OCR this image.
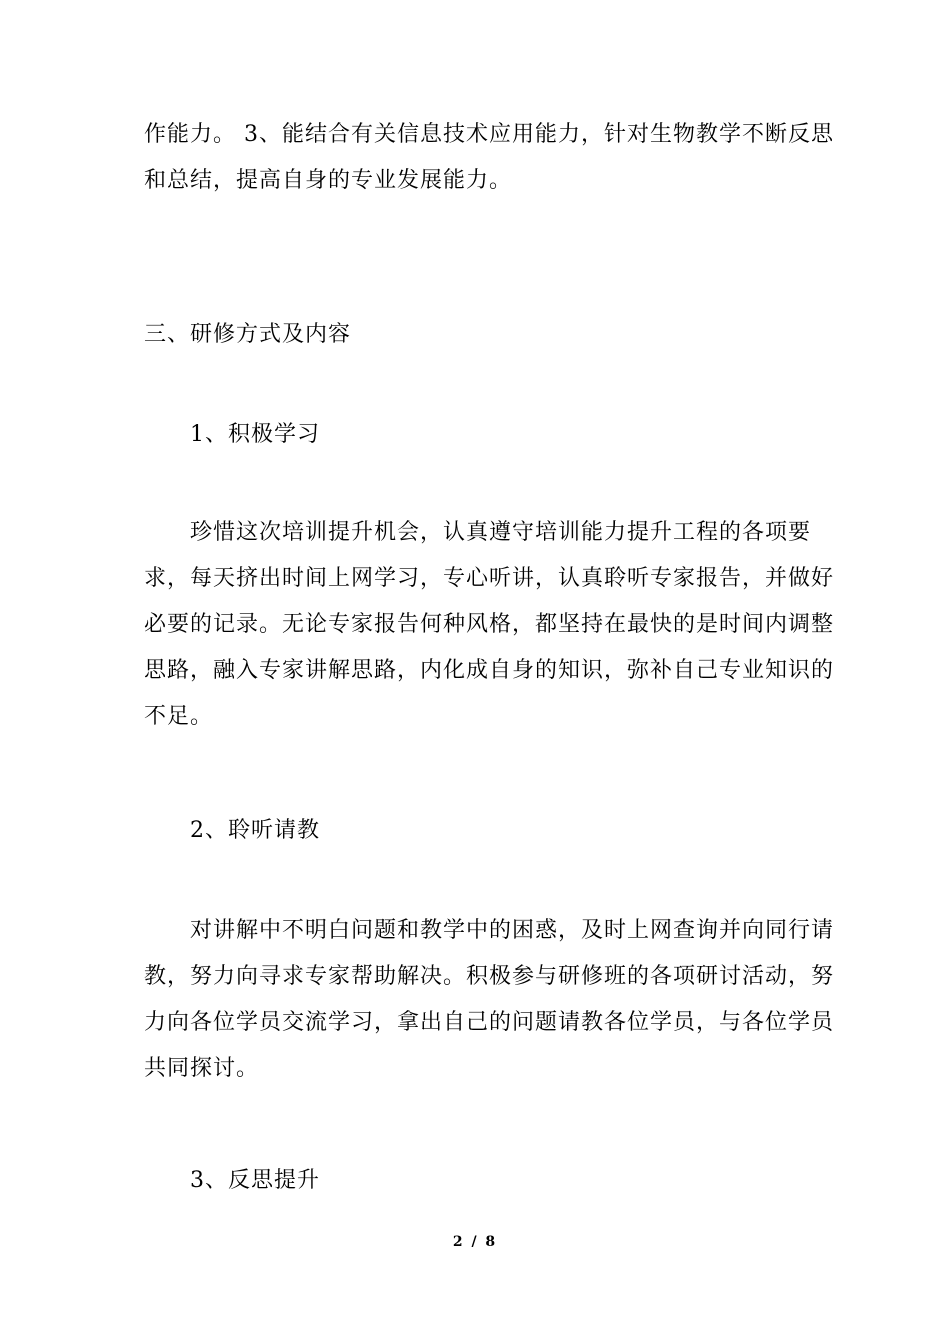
作能力。 3、能结合有关信息技术应用能力，针对生物教学不断反思
和总结，提高自身的专业发展能力。
三、研修方式及内容
1、积极学习
珍惜这次培训提升机会，认真遵守培训能力提升工程的各项要
求，每天挤出时间上网学习，专心听讲，认真聆听专家报告，并做好
必要的记录。无论专家报告何种风格，都坚持在最快的是时间内调整
思路，融入专家讲解思路，内化成自身的知识，弥补自己专业知识的
不足。
2、聆听请教
对讲解中不明白问题和教学中的困惑，及时上网查询并向同行请
教，努力向寻求专家帮助解决。积极参与研修班的各项研讨活动，努
力向各位学员交流学习，拿出自己的问题请教各位学员，与各位学员
共同探讨。
3、反思提升
2 / 8
